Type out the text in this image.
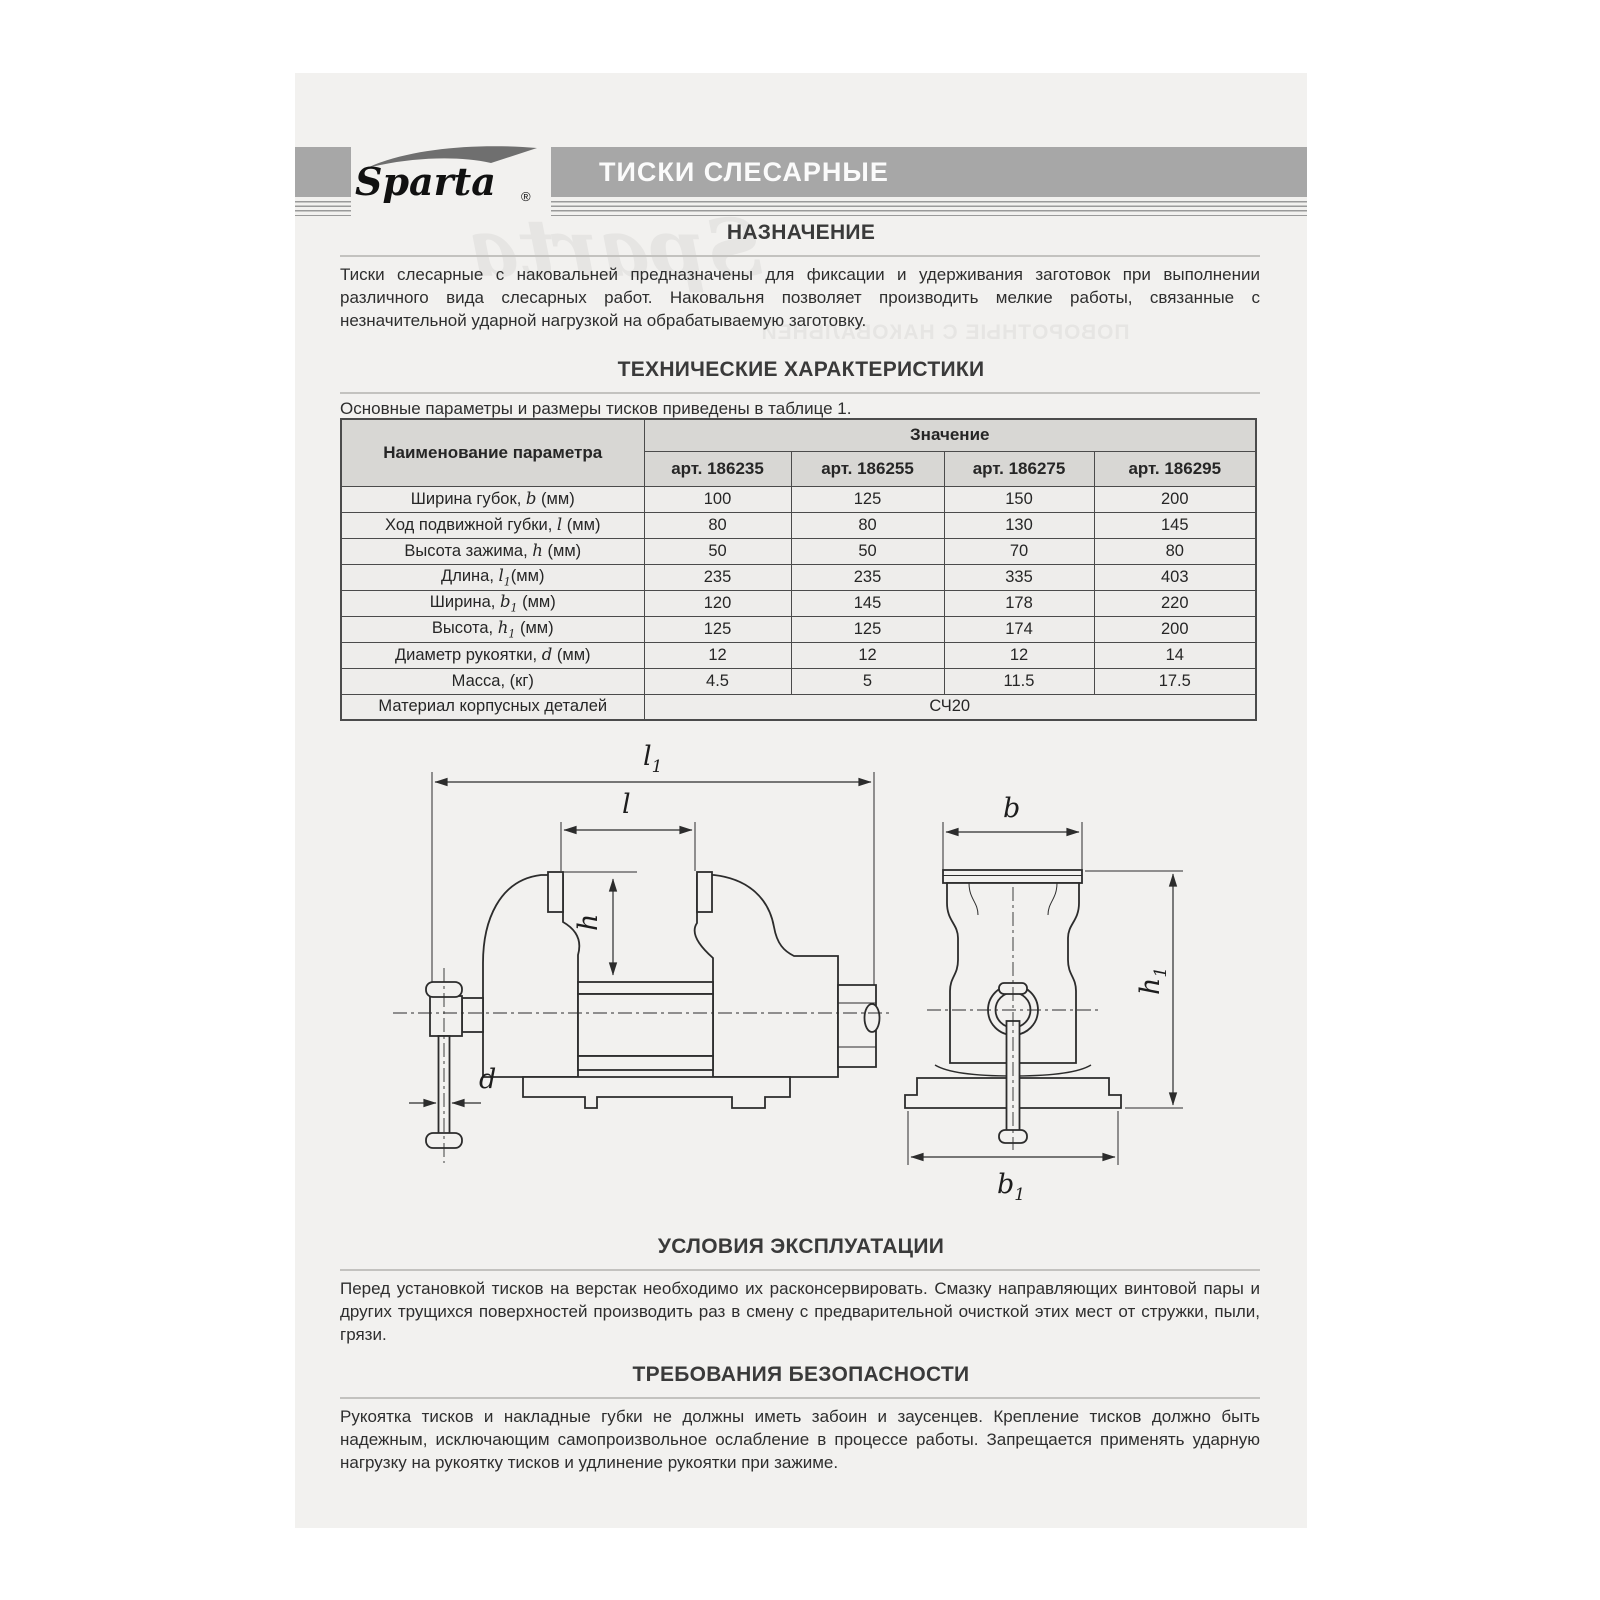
ПОВОРОТНЫЕ С НАКОВАЛЬНЕЙ
ТИСКИ СЛЕСАРНЫЕ
Sparta ®
НАЗНАЧЕНИЕ

Тиски слесарные с наковальней предназначены для фиксации и удерживания заготовок при выполнении различного вида слесарных работ. Наковальня позволяет производить мелкие работы, связанные с незначительной ударной нагрузкой на обрабатываемую заготовку.

ТЕХНИЧЕСКИЕ ХАРАКТЕРИСТИКИ

Основные параметры и размеры тисков приведены в таблице 1.

Наименование параметра	Значение			
	арт. 186235	арт. 186255	арт. 186275	арт. 186295
Ширина губок, b (мм)	100	125	150	200
Ход подвижной губки, l (мм)	80	80	130	145
Высота зажима, h (мм)	50	50	70	80
Длина, $l_1(мм)$	235	235	335	403
Ширина, $b_1$ (мм)	120	145	178	220
Высота, $h_1$ (мм)	125	125	174	200
Диаметр рукоятки, d (мм)	12	12	12	14
Масса, (кг)	4.5	5	11.5	17.5
Материал корпусных деталей	СЧ20			
$l_1$
l
h
d
b
$h_1$
$b_1$
УСЛОВИЯ ЭКСПЛУАТАЦИИ

Перед установкой тисков на верстак необходимо их расконсервировать. Смазку направляющих винтовой пары и других трущихся поверхностей производить раз в смену с предварительной очисткой этих мест от стружки, пыли, грязи.

ТРЕБОВАНИЯ БЕЗОПАСНОСТИ

Рукоятка тисков и накладные губки не должны иметь забоин и заусенцев. Крепление тисков должно быть надежным, исключающим самопроизвольное ослабление в процессе работы. Запрещается применять ударную нагрузку на рукоятку тисков и удлинение рукоятки при зажиме.
